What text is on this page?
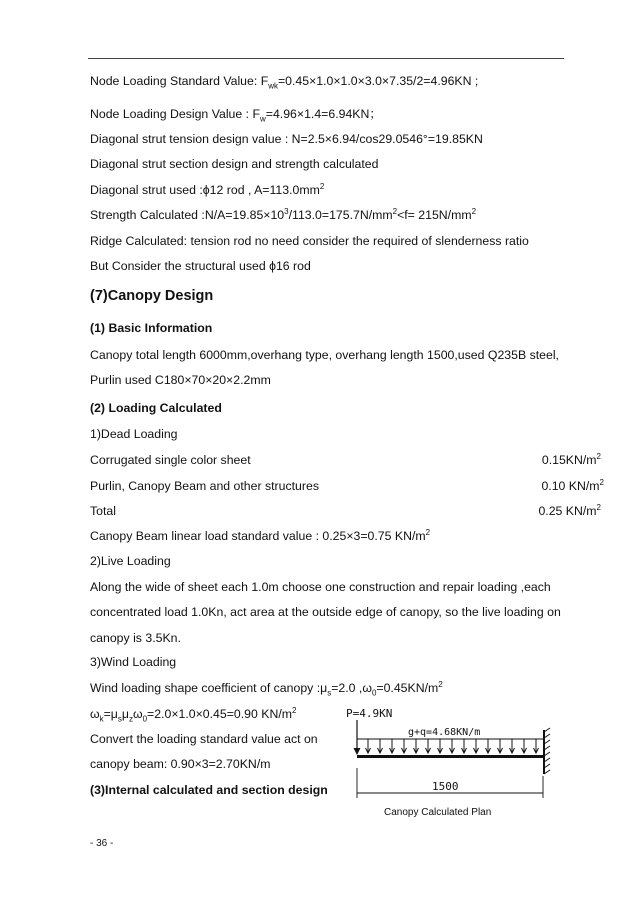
Node Loading Standard Value: $F_{wk}=0.45\times 1.0\times 1.0\times 3.0\times 7.35/2=4.96KN$ ;
Node Loading Design Value : $F_w=4.96\times 1.4=6.94KN$；
Diagonal strut tension design value : N=2.5×6.94/cos29.0546°=19.85KN
Diagonal strut section design and strength calculated
Diagonal strut used :ϕ12 rod , $A=113.0mm^2$
Strength Calculated $:N/A=19.85\times 10^3/113.0=175.7N/mm^2<f= 215N/mm^2$
Ridge Calculated: tension rod no need consider the required of slenderness ratio
But Consider the structural used ϕ16 rod
(7)Canopy Design
(1) Basic Information
Canopy total length 6000mm,overhang type, overhang length 1500,used Q235B steel,
Purlin used C180×70×20×2.2mm
(2) Loading Calculated
1)Dead Loading
Corrugated single color sheet	$0.15KN/m^2$
Purlin, Canopy Beam and other structures	0.10 $KN/m^2$
Total	0.25 $KN/m^2$
Canopy Beam linear load standard value : 0.25×3=0.75 $KN/m^2$
2)Live Loading
Along the wide of sheet each 1.0m choose one construction and repair loading ,each
concentrated load 1.0Kn, act area at the outside edge of canopy, so the live loading on
canopy is 3.5Kn.
3)Wind Loading
Wind loading shape coefficient of canopy $:\mu_s=2.0$ $,\omega_0=0.45KN/m^2$
$\omega_k=\mu_s\mu_z\omega_0=2.0\times 1.0\times 0.45=0.90$ $KN/m^2$
Convert the loading standard value act on
canopy beam: 0.90×3=2.70KN/m
(3)Internal calculated and section design
P=4.9KN
g+q=4.68KN/m
1500
Canopy Calculated Plan
- 36 -
